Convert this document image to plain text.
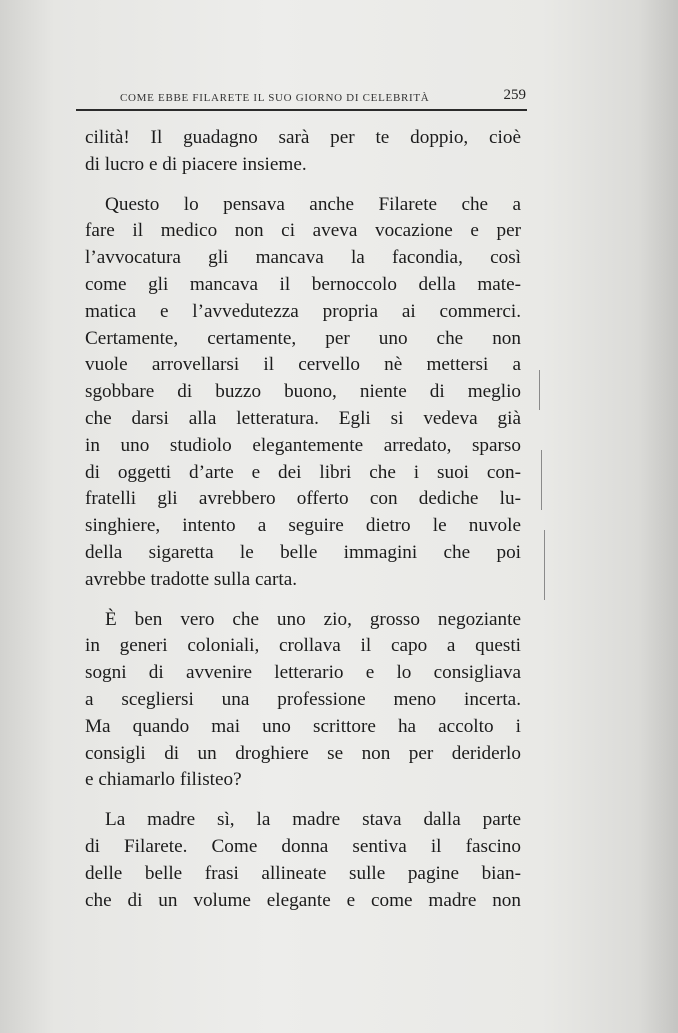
COME EBBE FILARETE IL SUO GIORNO DI CELEBRITÀ	259
cilità! Il guadagno sarà per te doppio, cioè
di lucro e di piacere insieme.
Questo lo pensava anche Filarete che a
fare il medico non ci aveva vocazione e per
l’avvocatura gli mancava la facondia, così
come gli mancava il bernoccolo della mate-
matica e l’avvedutezza propria ai commerci.
Certamente, certamente, per uno che non
vuole arrovellarsi il cervello nè mettersi a
sgobbare di buzzo buono, niente di meglio
che darsi alla letteratura. Egli si vedeva già
in uno studiolo elegantemente arredato, sparso
di oggetti d’arte e dei libri che i suoi con-
fratelli gli avrebbero offerto con dediche lu-
singhiere, intento a seguire dietro le nuvole
della sigaretta le belle immagini che poi
avrebbe tradotte sulla carta.
È ben vero che uno zio, grosso negoziante
in generi coloniali, crollava il capo a questi
sogni di avvenire letterario e lo consigliava
a scegliersi una professione meno incerta.
Ma quando mai uno scrittore ha accolto i
consigli di un droghiere se non per deriderlo
e chiamarlo filisteo?
La madre sì, la madre stava dalla parte
di Filarete. Come donna sentiva il fascino
delle belle frasi allineate sulle pagine bian-
che di un volume elegante e come madre non
